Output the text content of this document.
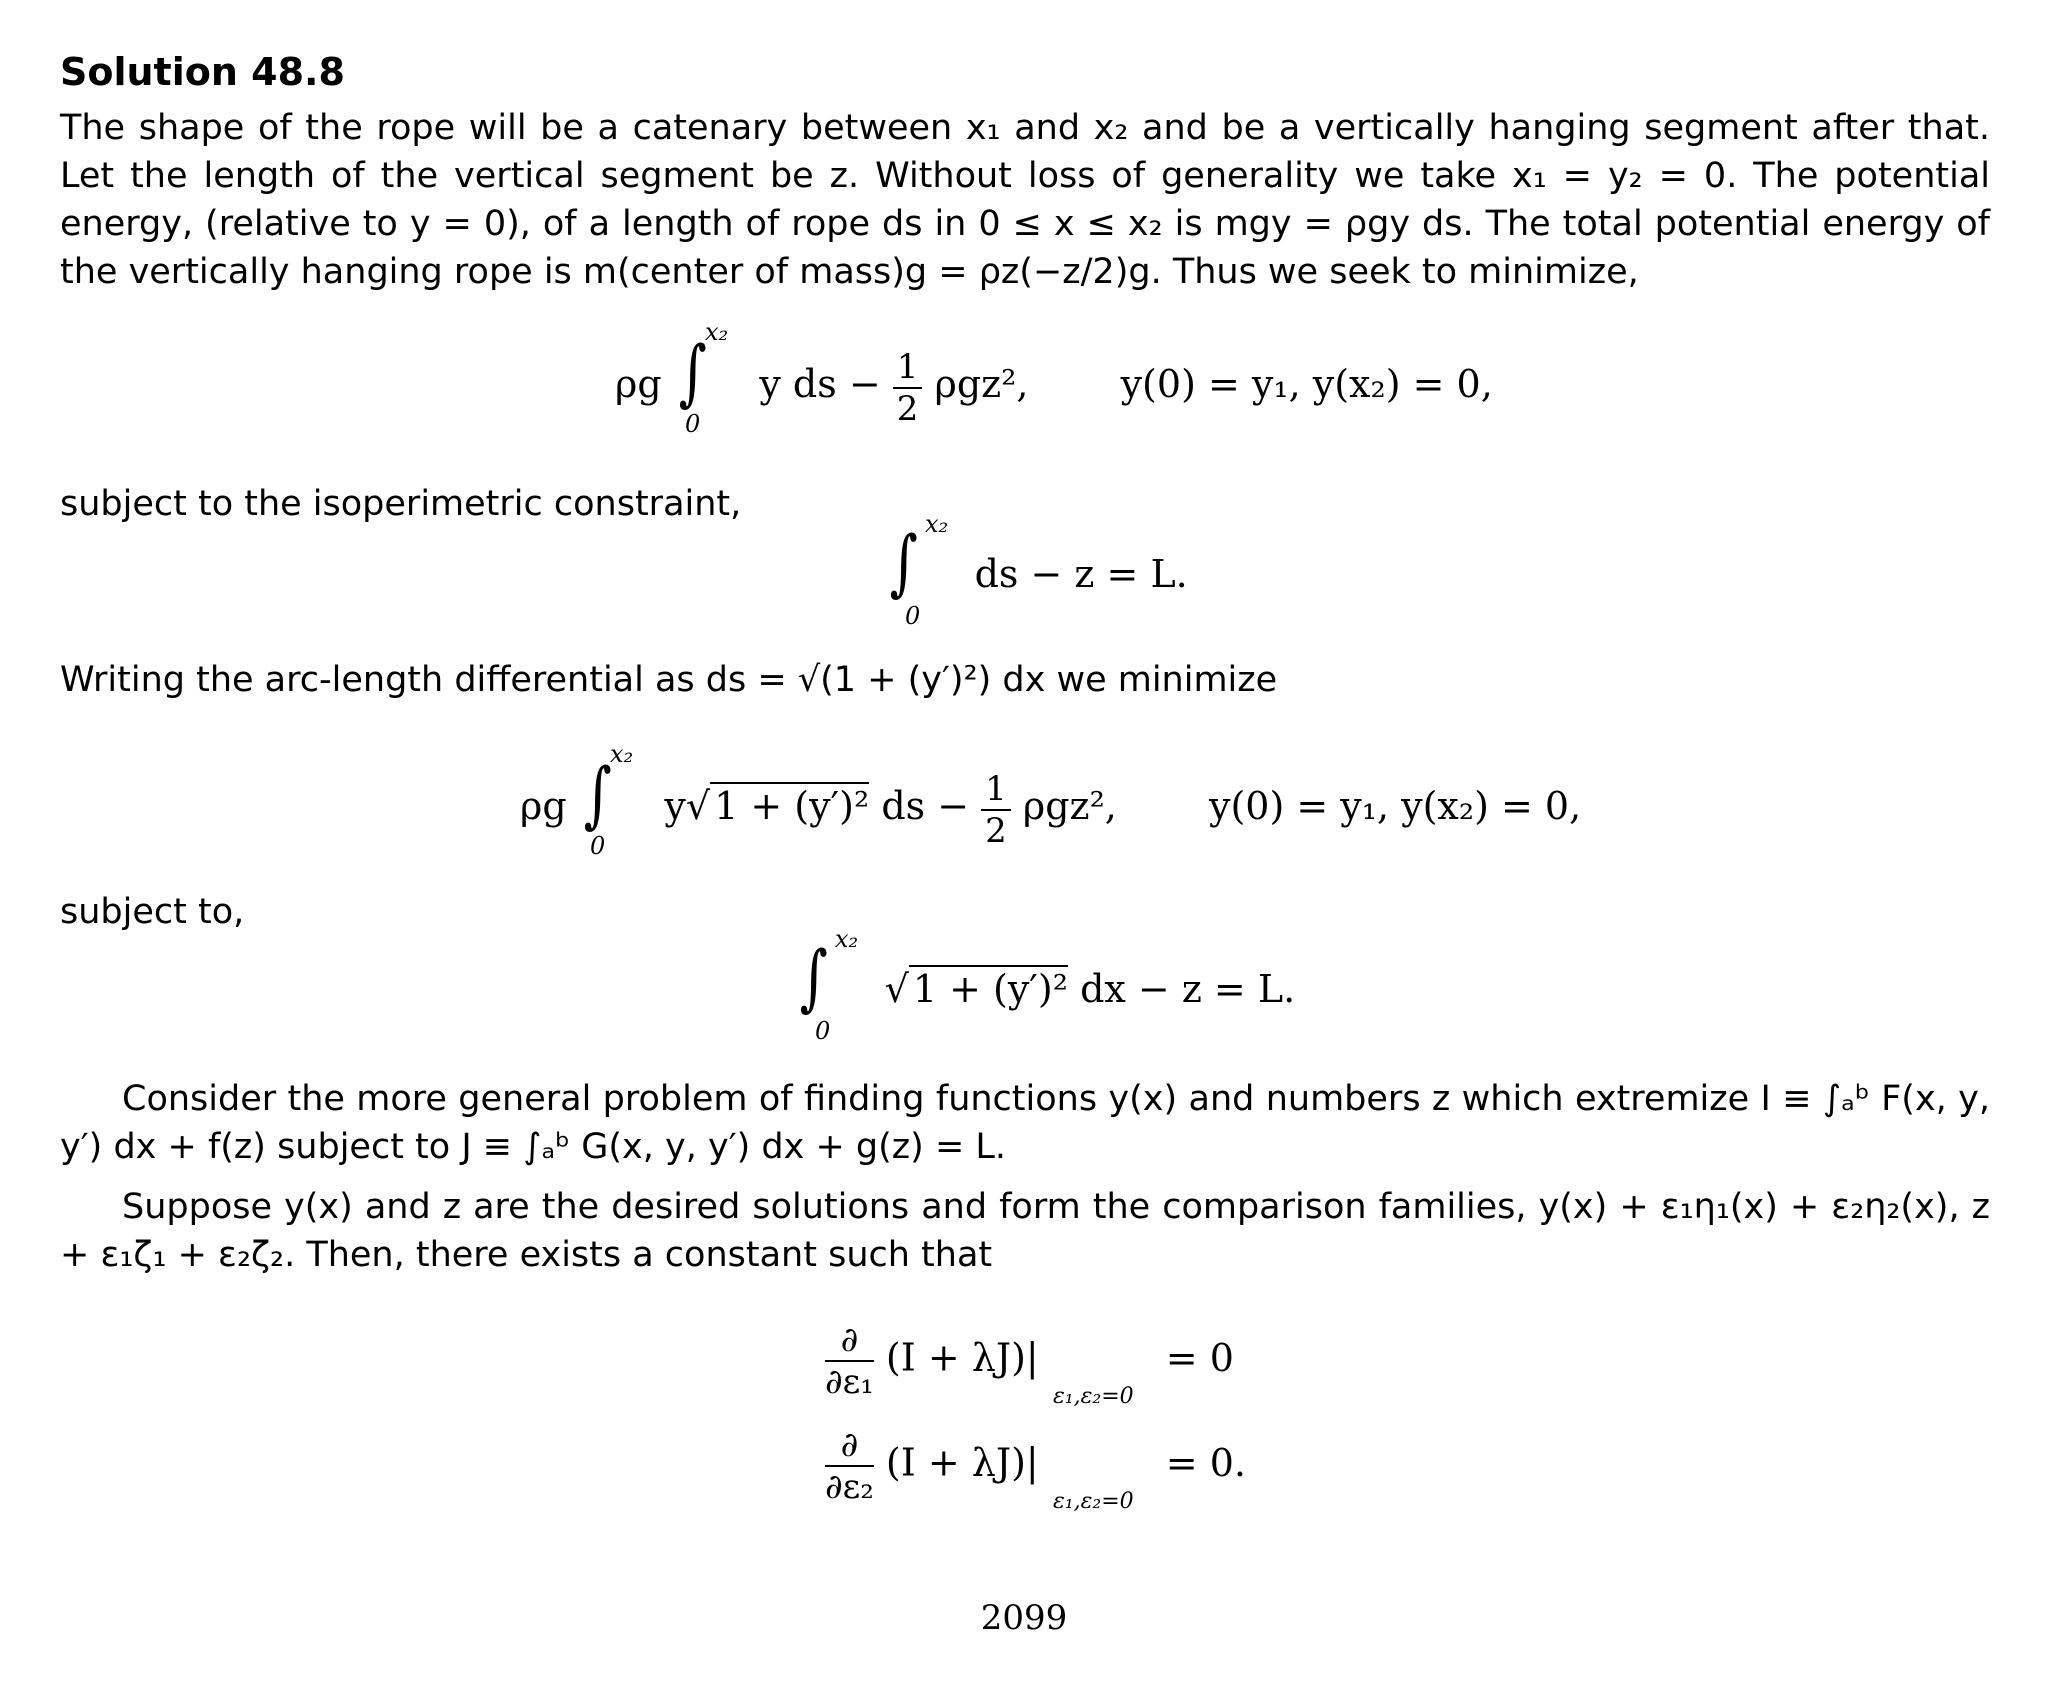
Solution 48.8
The shape of the rope will be a catenary between x₁ and x₂ and be a vertically hanging segment after that. Let the length of the vertical segment be z. Without loss of generality we take x₁ = y₂ = 0. The potential energy, (relative to y = 0), of a length of rope ds in 0 ≤ x ≤ x₂ is mgy = ρgy ds. The total potential energy of the vertically hanging rope is m(center of mass)g = ρz(−z/2)g. Thus we seek to minimize,
ρg ∫
x₂
0
y ds − $\frac{1}{2} \rho gz^2$, y(0) = y₁, y(x₂) = 0,
subject to the isoperimetric constraint,
∫ x₂
0
ds − z = L.
Writing the arc-length differential as ds = √(1 + (y′)²) dx we minimize
ρg ∫
x₂
0
y√ 1 + (y′)² ds − $\frac{1}{2} \rho gz^2$, y(0) = y₁, y(x₂) = 0,
subject to,
∫ x₂
0
√ 1 + (y′)² dx − z = L.
Consider the more general problem of finding functions y(x) and numbers z which extremize I ≡ ∫ₐᵇ F(x, y, y′) dx + f(z) subject to J ≡ ∫ₐᵇ G(x, y, y′) dx + g(z) = L.
Suppose y(x) and z are the desired solutions and form the comparison families, y(x) + ε₁η₁(x) + ε₂η₂(x), z + ε₁ζ₁ + ε₂ζ₂. Then, there exists a constant such that
$\frac{\partial}{\text{∂ε₁}} (I + \lambda J)|$
ε₁,ε₂=0
= 0
$\frac{\partial}{\text{∂ε₂}} (I + \lambda J)|$
ε₁,ε₂=0
= 0.
2099
